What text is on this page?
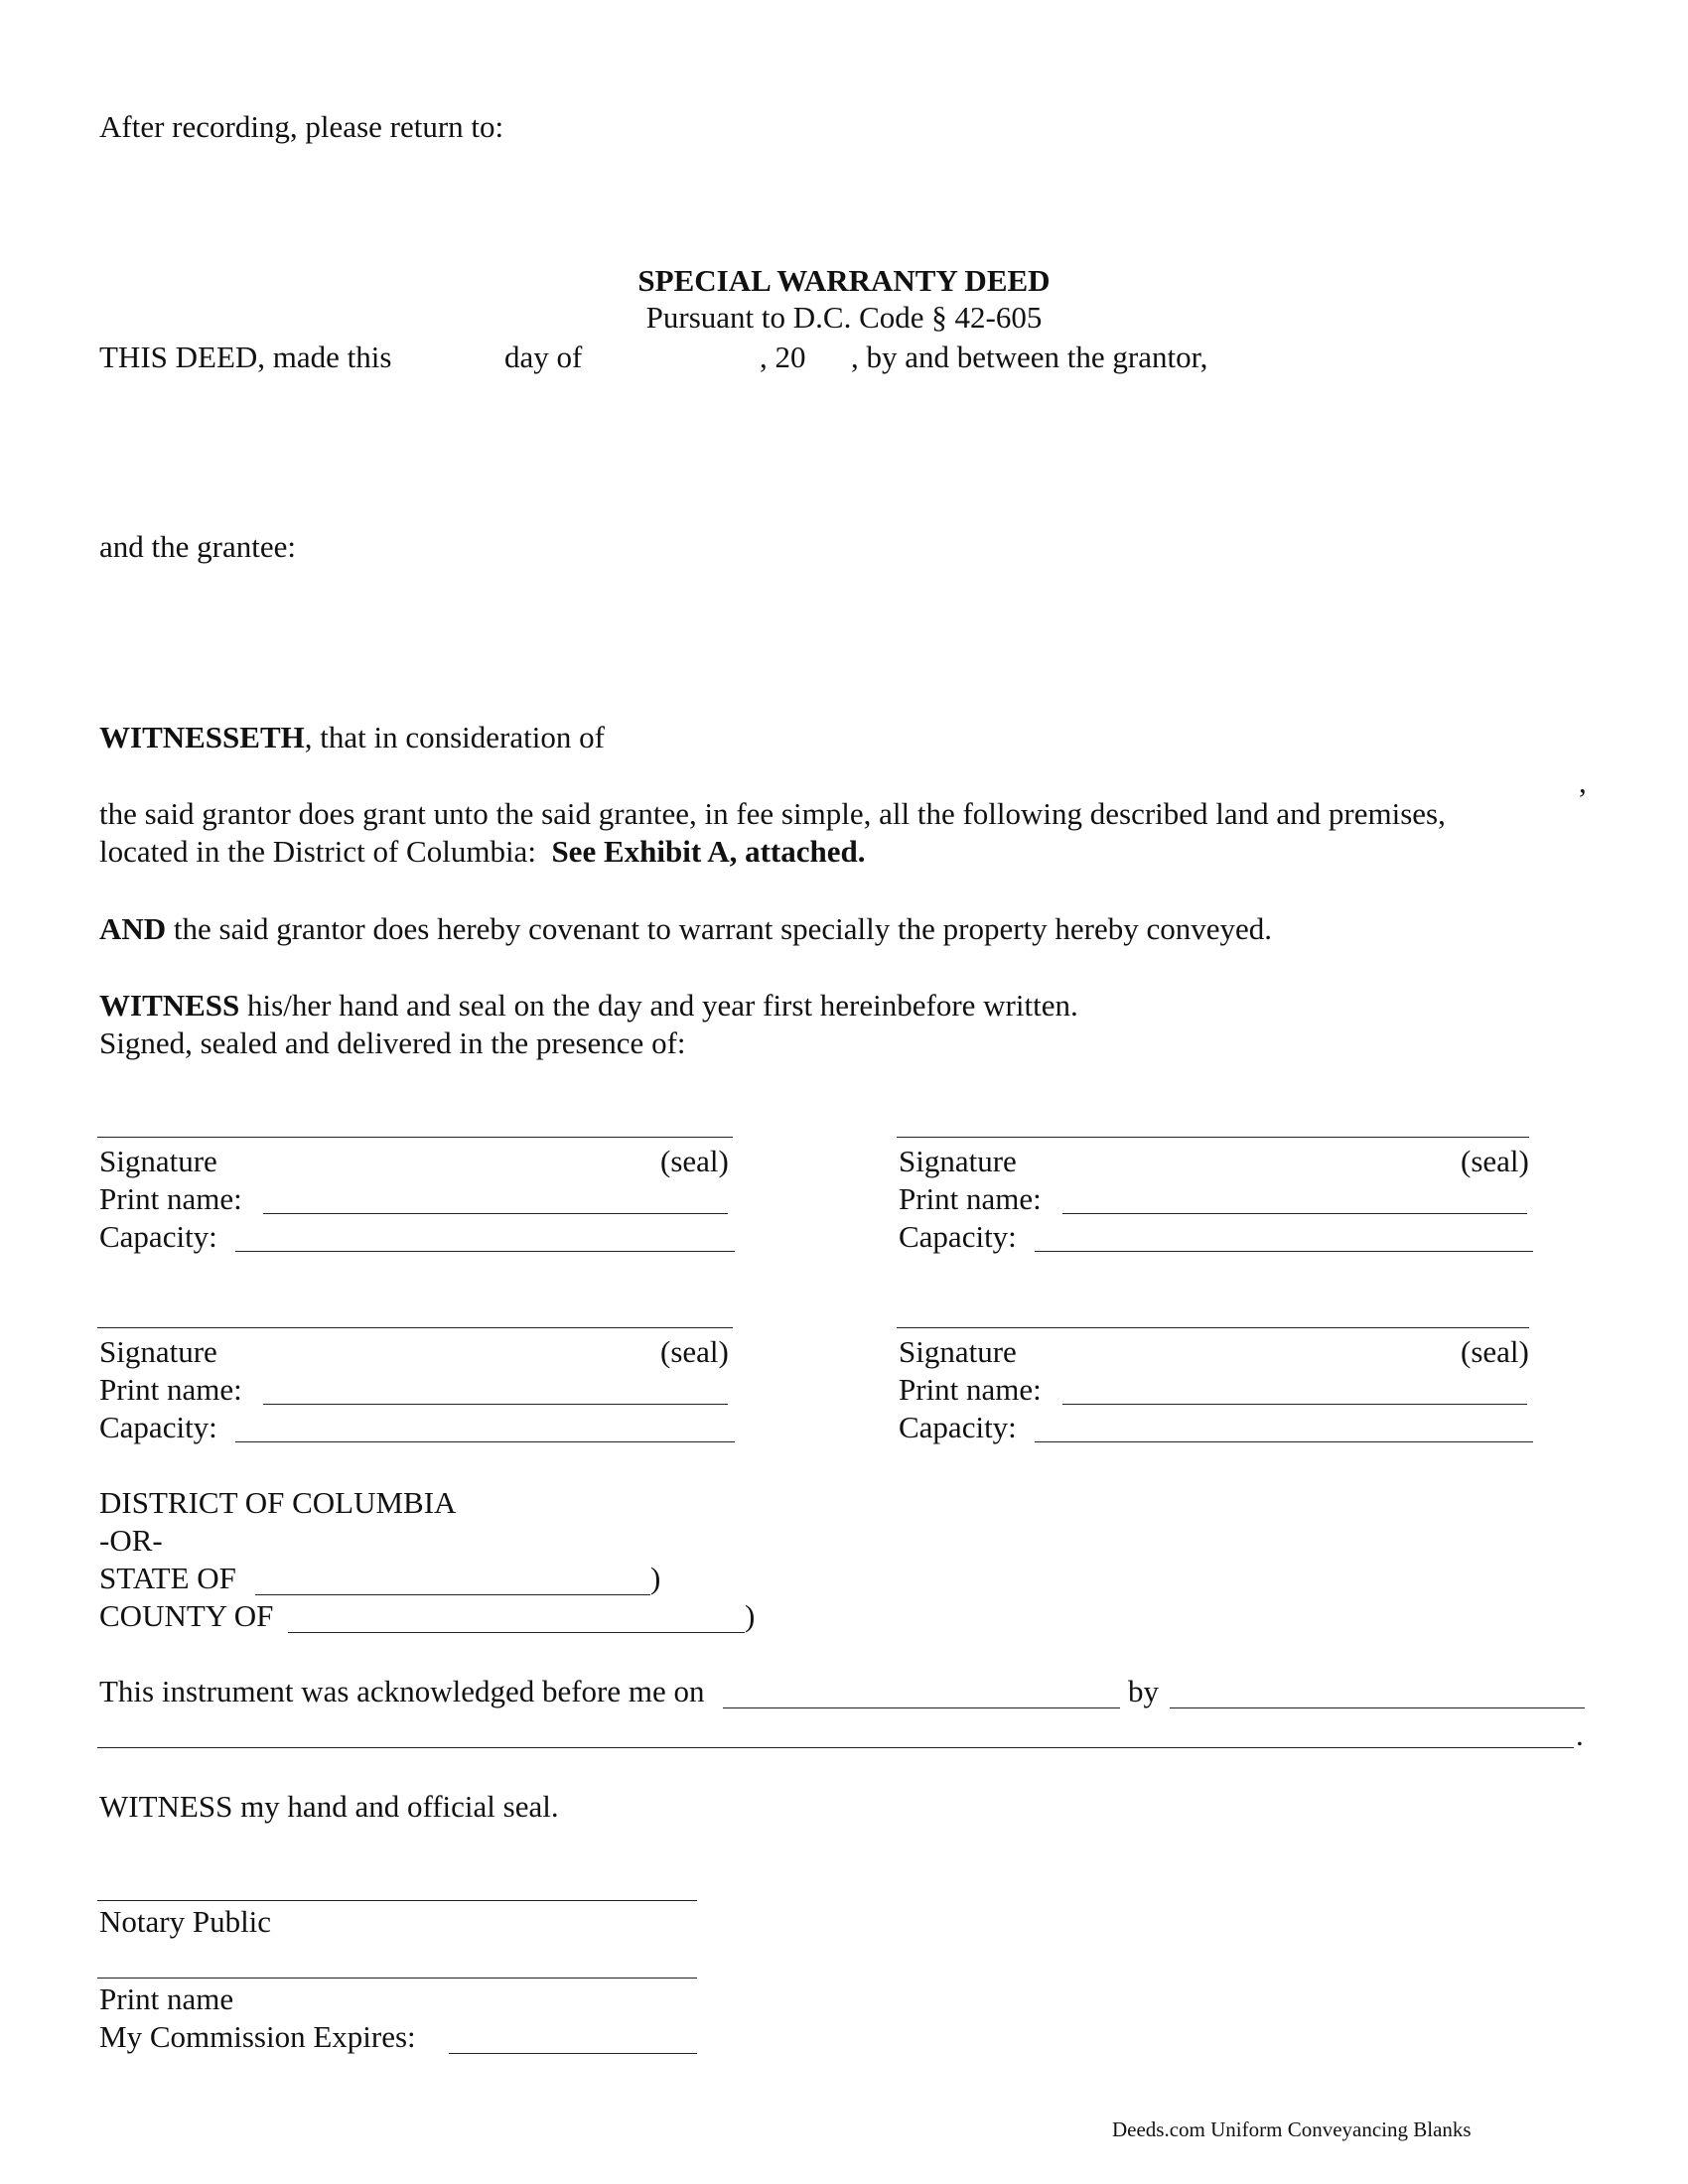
After recording, please return to:
SPECIAL WARRANTY DEED
Pursuant to D.C. Code § 42-605
THIS DEED, made this	day of	, 20 , by and between the grantor,
and the grantee:
WITNESSETH, that in consideration of
,
the said grantor does grant unto the said grantee, in fee simple, all the following described land and premises,
located in the District of Columbia: See Exhibit A, attached.
AND the said grantor does hereby covenant to warrant specially the property hereby conveyed.
WITNESS his/her hand and seal on the day and year first hereinbefore written.
Signed, sealed and delivered in the presence of:
Signature	(seal)
Print name:
Capacity:
Signature	(seal)
Print name:
Capacity:
Signature	(seal)
Print name:
Capacity:
Signature	(seal)
Print name:
Capacity:
DISTRICT OF COLUMBIA
-OR-
STATE OF	)
COUNTY OF	)
This instrument was acknowledged before me on	by
.
WITNESS my hand and official seal.
Notary Public
Print name
My Commission Expires:
Deeds.com Uniform Conveyancing Blanks
